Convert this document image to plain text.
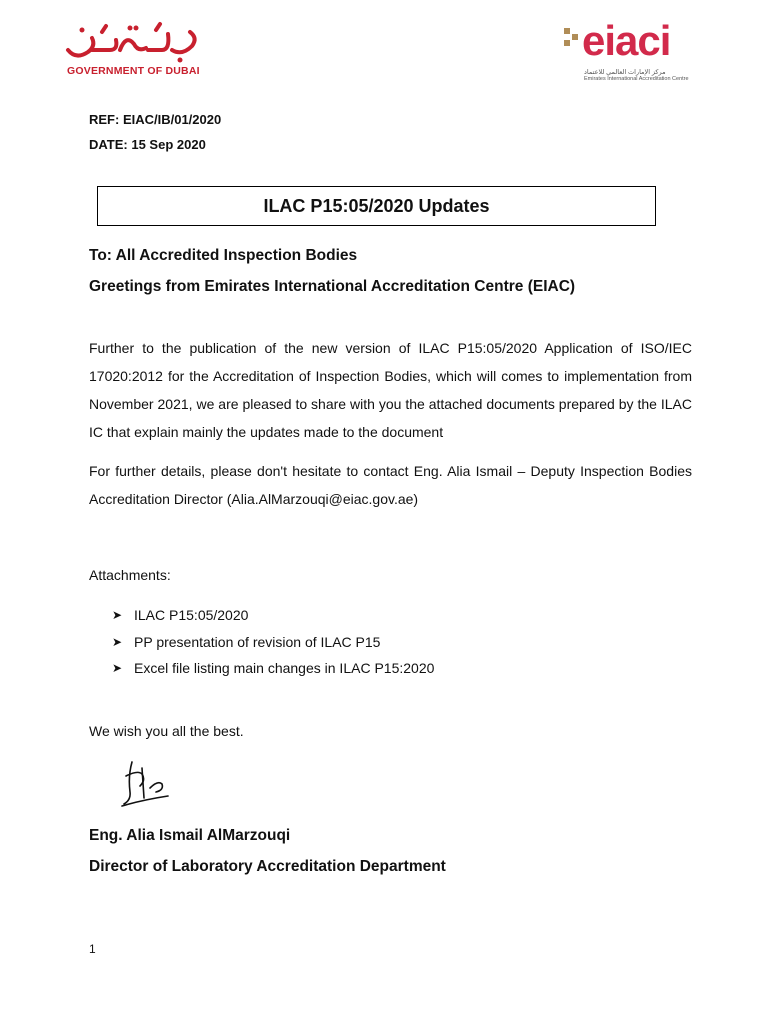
GOVERNMENT OF DUBAI
eiaci
مركز الإمارات العالمي للاعتماد
Emirates International Accreditation Centre
REF: EIAC/IB/01/2020
DATE: 15 Sep 2020
ILAC P15:05/2020 Updates
To: All Accredited Inspection Bodies
Greetings from Emirates International Accreditation Centre (EIAC)
Further to the publication of the new version of ILAC P15:05/2020 Application of ISO/IEC 17020:2012 for the Accreditation of Inspection Bodies, which will comes to implementation from November 2021, we are pleased to share with you the attached documents prepared by the ILAC IC that explain mainly the updates made to the document
For further details, please don't hesitate to contact Eng. Alia Ismail – Deputy Inspection Bodies Accreditation Director (Alia.AlMarzouqi@eiac.gov.ae)
Attachments:
➤ ILAC P15:05/2020
➤ PP presentation of revision of ILAC P15
➤ Excel file listing main changes in ILAC P15:2020
We wish you all the best.
Eng. Alia Ismail AlMarzouqi
Director of Laboratory Accreditation Department
1
